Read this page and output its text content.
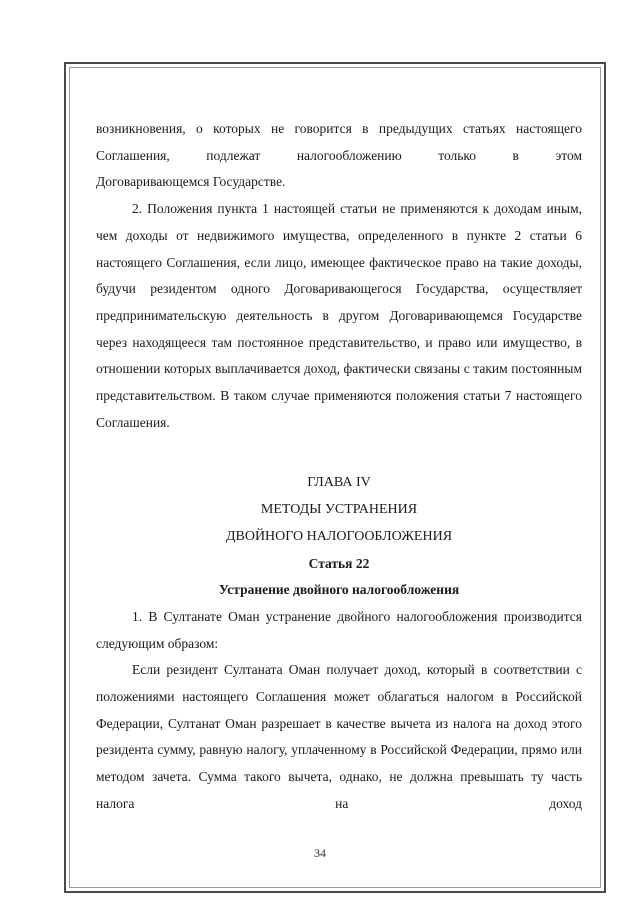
возникновения, о которых не говорится в предыдущих статьях настоящего

Соглашения, подлежат налогообложению только в этом

Договаривающемся Государстве.

2. Положения пункта 1 настоящей статьи не применяются к доходам иным, чем доходы от недвижимого имущества, определенного в пункте 2 статьи 6 настоящего Соглашения, если лицо, имеющее фактическое право на такие доходы, будучи резидентом одного Договаривающегося Государства, осуществляет предпринимательскую деятельность в другом Договаривающемся Государстве через находящееся там постоянное представительство, и право или имущество, в отношении которых выплачивается доход, фактически связаны с таким постоянным представительством. В таком случае применяются положения статьи 7 настоящего Соглашения.

ГЛАВА IV

МЕТОДЫ УСТРАНЕНИЯ

ДВОЙНОГО НАЛОГООБЛОЖЕНИЯ

Статья 22

Устранение двойного налогообложения

1. В Султанате Оман устранение двойного налогообложения производится следующим образом:

Если резидент Султаната Оман получает доход, который в соответствии с положениями настоящего Соглашения может облагаться налогом в Российской Федерации, Султанат Оман разрешает в качестве вычета из налога на доход этого резидента сумму, равную налогу, уплаченному в Российской Федерации, прямо или методом зачета. Сумма такого вычета, однако, не должна превышать ту часть налога на доход

34
